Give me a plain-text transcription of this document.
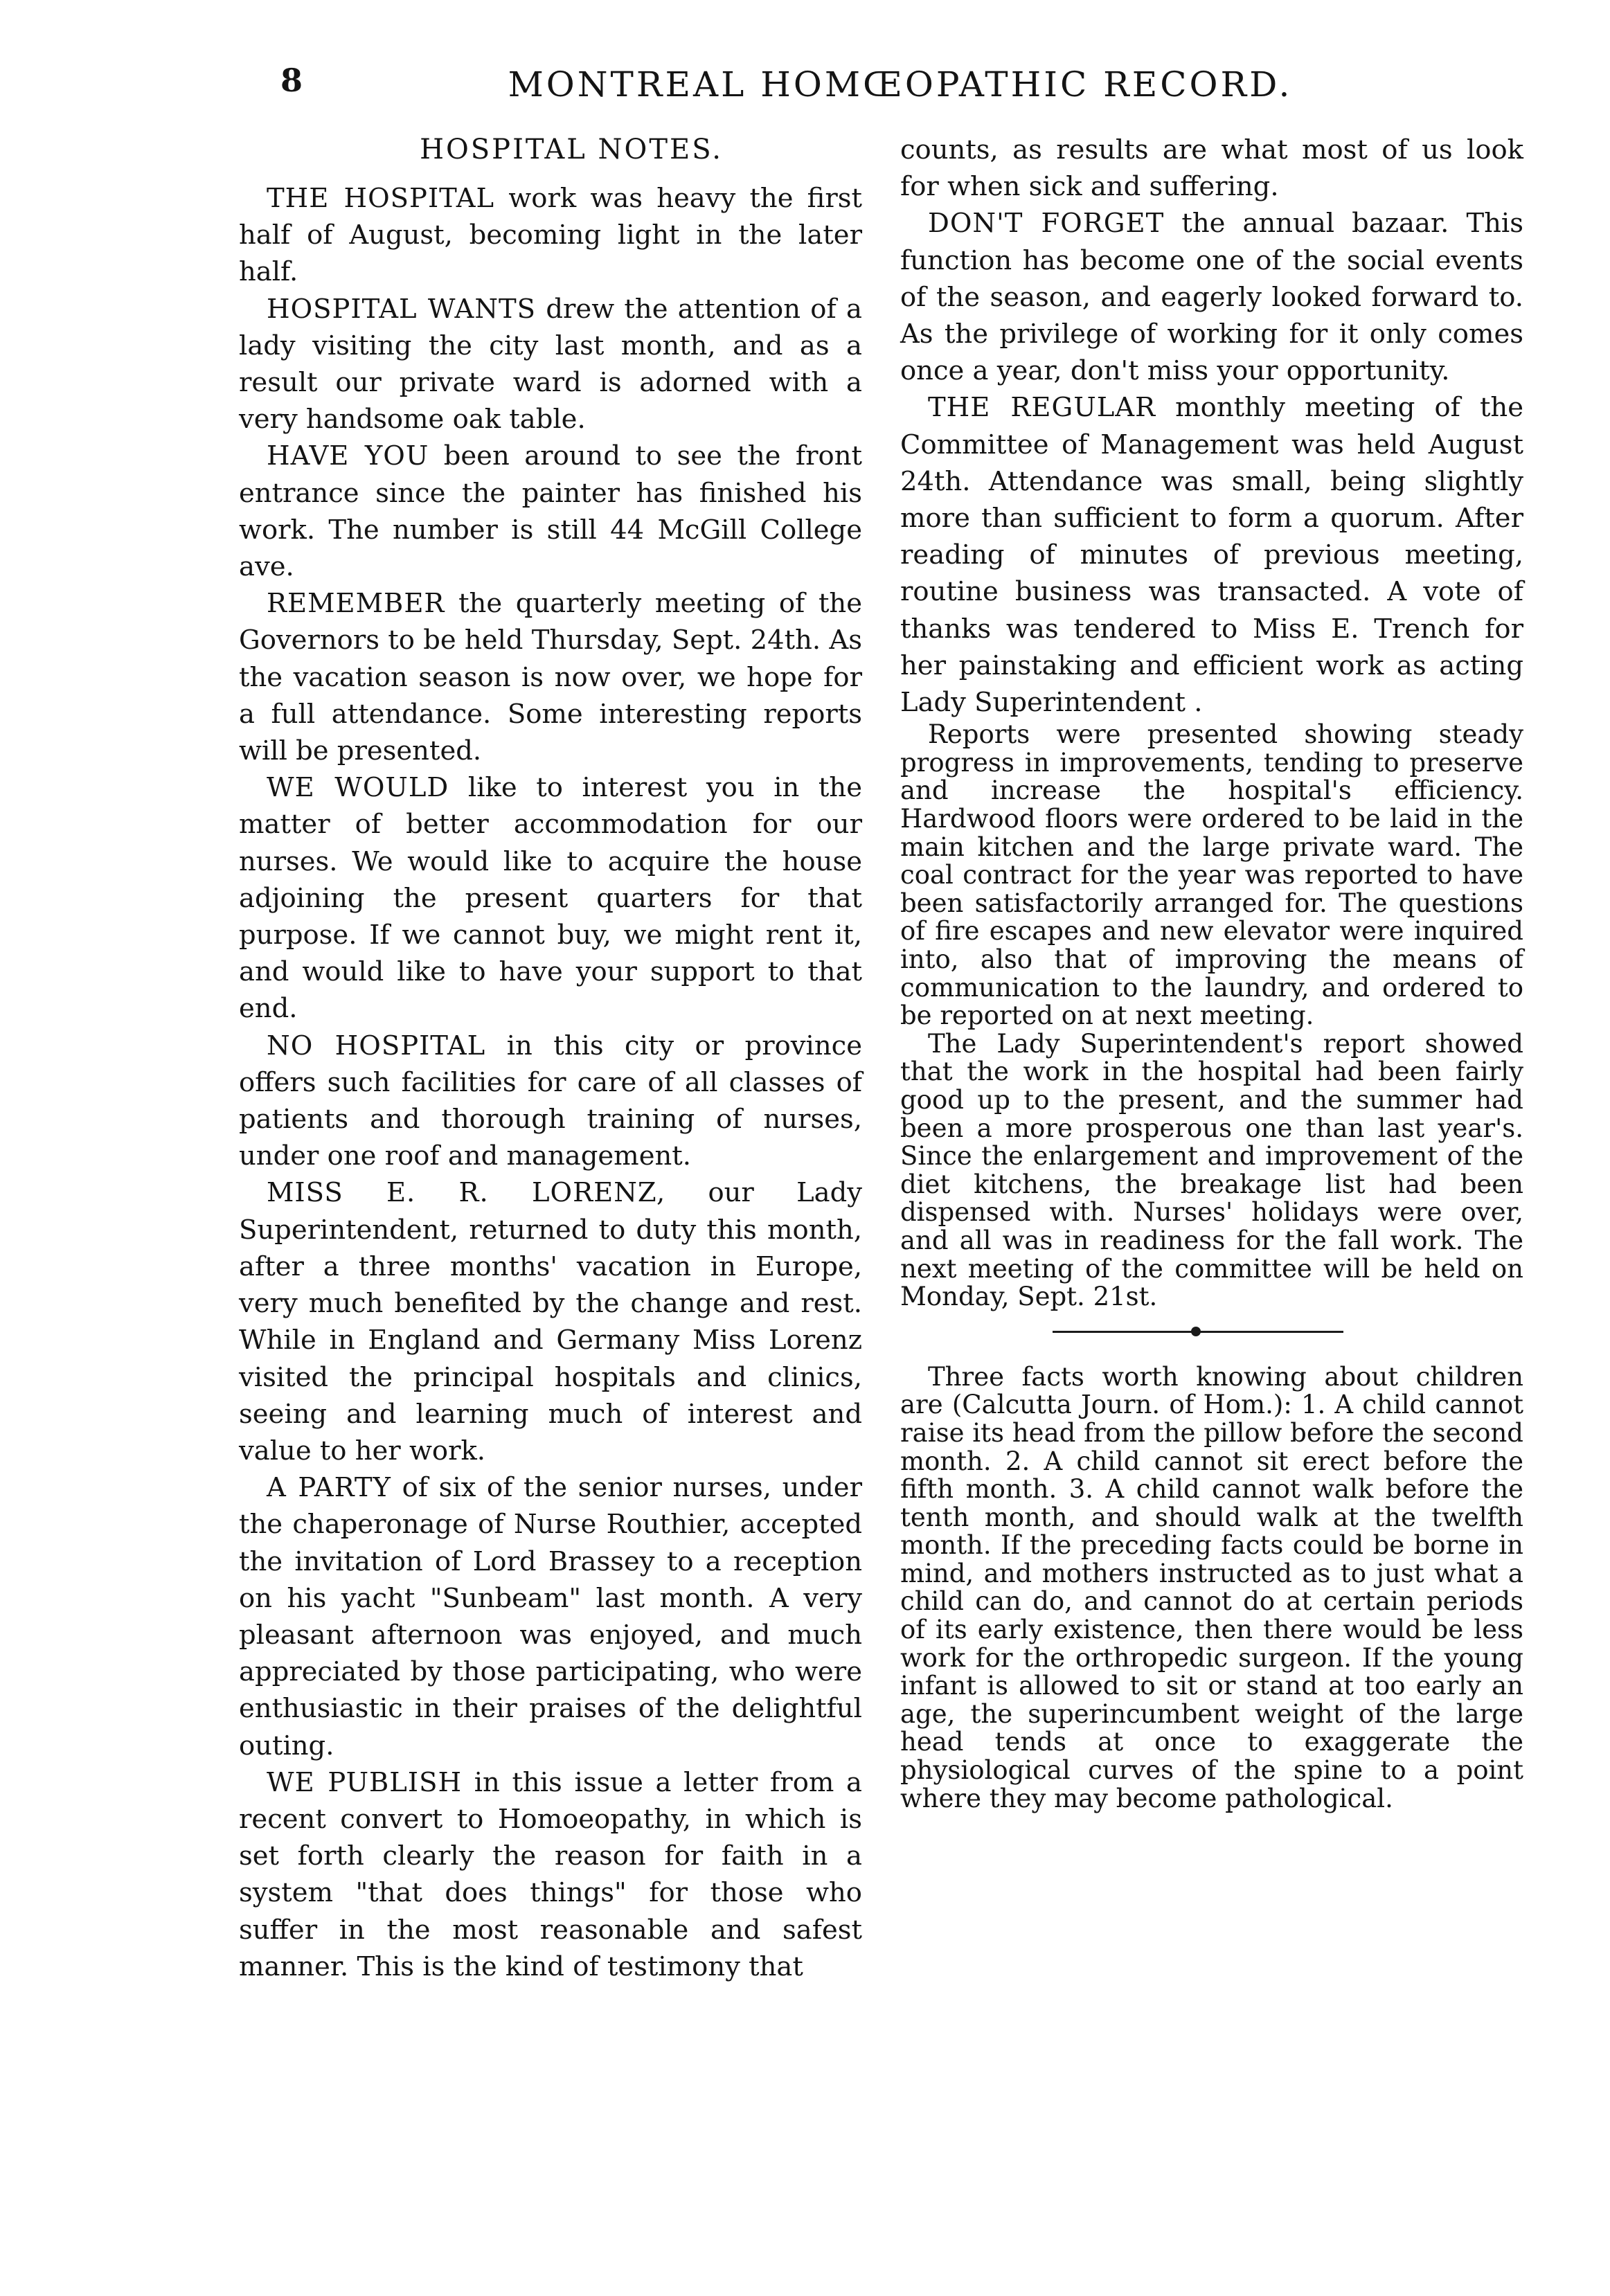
8	MONTREAL HOMŒOPATHIC RECORD.
HOSPITAL NOTES.

THE HOSPITAL work was heavy the first half of August, becoming light in the later half.

HOSPITAL WANTS drew the attention of a lady visiting the city last month, and as a result our private ward is adorned with a very handsome oak table.

HAVE YOU been around to see the front entrance since the painter has finished his work. The number is still 44 McGill College ave.

REMEMBER the quarterly meeting of the Governors to be held Thursday, Sept. 24th. As the vacation season is now over, we hope for a full attendance. Some interesting reports will be presented.

WE WOULD like to interest you in the matter of better accommodation for our nurses. We would like to acquire the house adjoining the present quarters for that purpose. If we cannot buy, we might rent it, and would like to have your support to that end.

NO HOSPITAL in this city or province offers such facilities for care of all classes of patients and thorough training of nurses, under one roof and management.

MISS E. R. LORENZ, our Lady Superintendent, returned to duty this month, after a three months' vacation in Europe, very much benefited by the change and rest. While in England and Germany Miss Lorenz visited the principal hospitals and clinics, seeing and learning much of interest and value to her work.

A PARTY of six of the senior nurses, under the chaperonage of Nurse Routhier, accepted the invitation of Lord Brassey to a reception on his yacht "Sunbeam" last month. A very pleasant afternoon was enjoyed, and much appreciated by those participating, who were enthusiastic in their praises of the delightful outing.

WE PUBLISH in this issue a letter from a recent convert to Homoeopathy, in which is set forth clearly the reason for faith in a system "that does things" for those who suffer in the most reasonable and safest manner. This is the kind of testimony that

counts, as results are what most of us look for when sick and suffering.

DON'T FORGET the annual bazaar. This function has become one of the social events of the season, and eagerly looked forward to. As the privilege of working for it only comes once a year, don't miss your opportunity.

THE REGULAR monthly meeting of the Committee of Management was held August 24th. Attendance was small, being slightly more than sufficient to form a quorum. After reading of minutes of previous meeting, routine business was transacted. A vote of thanks was tendered to Miss E. Trench for her painstaking and efficient work as acting Lady Superintendent .

Reports were presented showing steady progress in improvements, tending to preserve and increase the hospital's efficiency. Hardwood floors were ordered to be laid in the main kitchen and the large private ward. The coal contract for the year was reported to have been satisfactorily arranged for. The questions of fire escapes and new elevator were inquired into, also that of improving the means of communication to the laundry, and ordered to be reported on at next meeting.

The Lady Superintendent's report showed that the work in the hospital had been fairly good up to the present, and the summer had been a more prosperous one than last year's. Since the enlargement and improvement of the diet kitchens, the breakage list had been dispensed with. Nurses' holidays were over, and all was in readiness for the fall work. The next meeting of the committee will be held on Monday, Sept. 21st.

Three facts worth knowing about children are (Calcutta Journ. of Hom.): 1. A child cannot raise its head from the pillow before the second month. 2. A child cannot sit erect before the fifth month. 3. A child cannot walk before the tenth month, and should walk at the twelfth month. If the preceding facts could be borne in mind, and mothers instructed as to just what a child can do, and cannot do at certain periods of its early existence, then there would be less work for the orthropedic surgeon. If the young infant is allowed to sit or stand at too early an age, the superincumbent weight of the large head tends at once to exaggerate the physiological curves of the spine to a point where they may become pathological.
